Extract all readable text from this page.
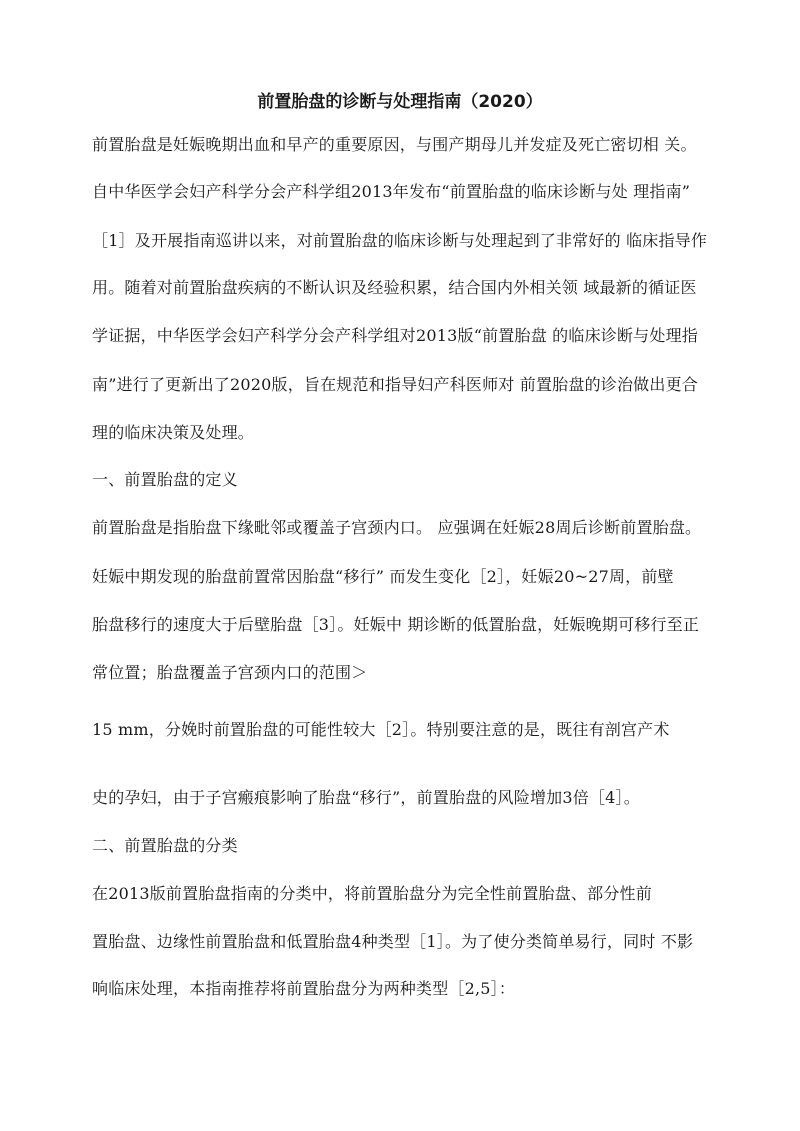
前置胎盘的诊断与处理指南（2020）
前置胎盘是妊娠晚期出血和早产的重要原因，与围产期母儿并发症及死亡密切相 关。
自中华医学会妇产科学分会产科学组2013年发布“前置胎盘的临床诊断与处 理指南”
［1］及开展指南巡讲以来，对前置胎盘的临床诊断与处理起到了非常好的 临床指导作
用。随着对前置胎盘疾病的不断认识及经验积累，结合国内外相关领 域最新的循证医
学证据，中华医学会妇产科学分会产科学组对2013版“前置胎盘 的临床诊断与处理指
南”进行了更新出了2020版，旨在规范和指导妇产科医师对 前置胎盘的诊治做出更合
理的临床决策及处理。
一、前置胎盘的定义
前置胎盘是指胎盘下缘毗邻或覆盖子宫颈内口。 应强调在妊娠28周后诊断前置胎盘。
妊娠中期发现的胎盘前置常因胎盘“移行” 而发生变化［2］，妊娠20~27周，前壁
胎盘移行的速度大于后壁胎盘［3］。妊娠中 期诊断的低置胎盘，妊娠晚期可移行至正
常位置；胎盘覆盖子宫颈内口的范围＞
15 mm，分娩时前置胎盘的可能性较大［2］。特别要注意的是，既往有剖宫产术
史的孕妇，由于子宫瘢痕影响了胎盘“移行”，前置胎盘的风险增加3倍［4］。
二、前置胎盘的分类
在2013版前置胎盘指南的分类中，将前置胎盘分为完全性前置胎盘、部分性前
置胎盘、边缘性前置胎盘和低置胎盘4种类型［1］。为了使分类简单易行，同时 不影
响临床处理，本指南推荐将前置胎盘分为两种类型［2,5］：
